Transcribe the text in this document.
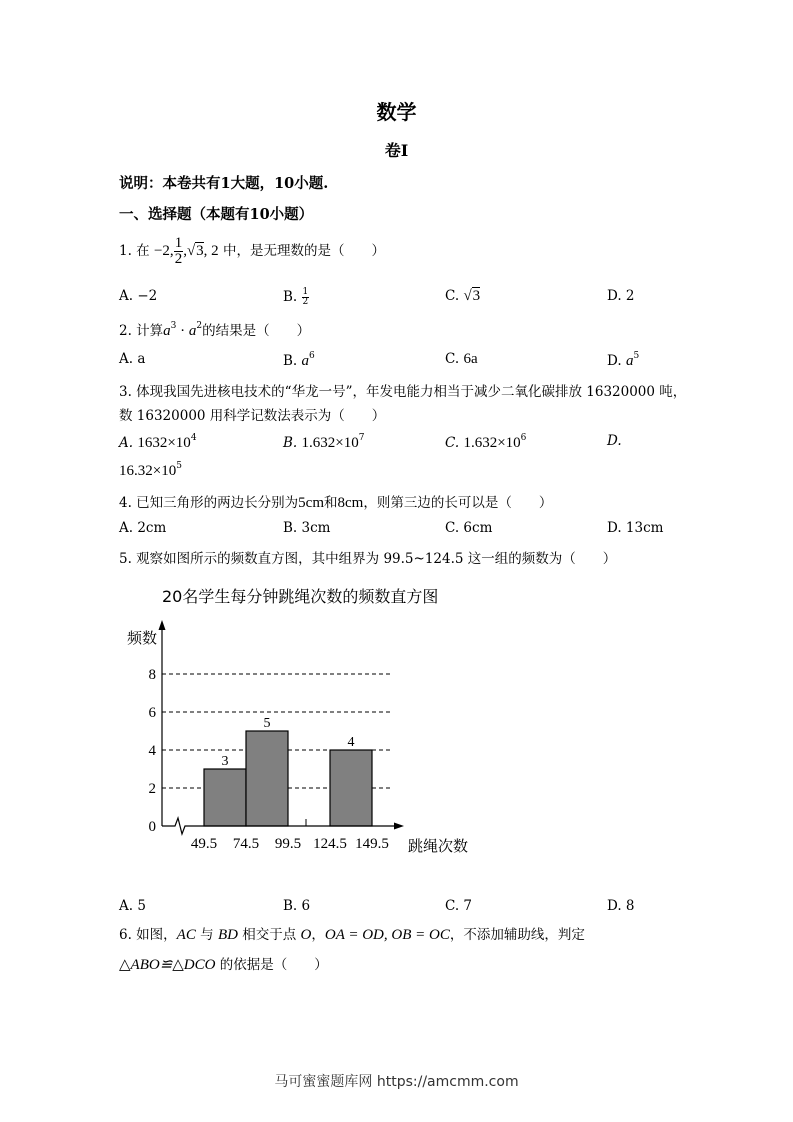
数学
卷Ⅰ
说明：本卷共有1大题，10小题.
一、选择题（本题有10小题）
1. 在 −2, $\frac{1}{2} ,√3$, 2 中，是无理数的是（　　）
A. −2	B. $\frac{1}{2}$	C. √3	D. 2
2. 计算$a^3 \cdot a^2$的结果是（　　）
A. a	B. $a^6$	C. 6a	D. $a^5$
3. 体现我国先进核电技术的“华龙一号”，年发电能力相当于减少二氧化碳排放 16320000 吨，
数 16320000 用科学记数法表示为（　　）
A. $1632\times 10^4$	B. $1.632\times 10^7$	C. $1.632\times 10^6$	D.
$16.32\times 10^5$
4. 已知三角形的两边长分别为5cm和8cm，则第三边的长可以是（　　）
A. 2cm	B. 3cm	C. 6cm	D. 13cm
5. 观察如图所示的频数直方图，其中组界为 99.5~124.5 这一组的频数为（　　）
20名学生每分钟跳绳次数的频数直方图
频数
跳绳次数
0
2
4
6
8
49.5 74.5 99.5 124.5 149.5
3
5
4
A. 5	B. 6	C. 7	D. 8
6. 如图，AC 与 BD 相交于点 O，OA = OD, OB = OC，不添加辅助线，判定
△ABO≌△DCO 的依据是（　　）
马可蜜蜜题库网 https://amcmm.com
